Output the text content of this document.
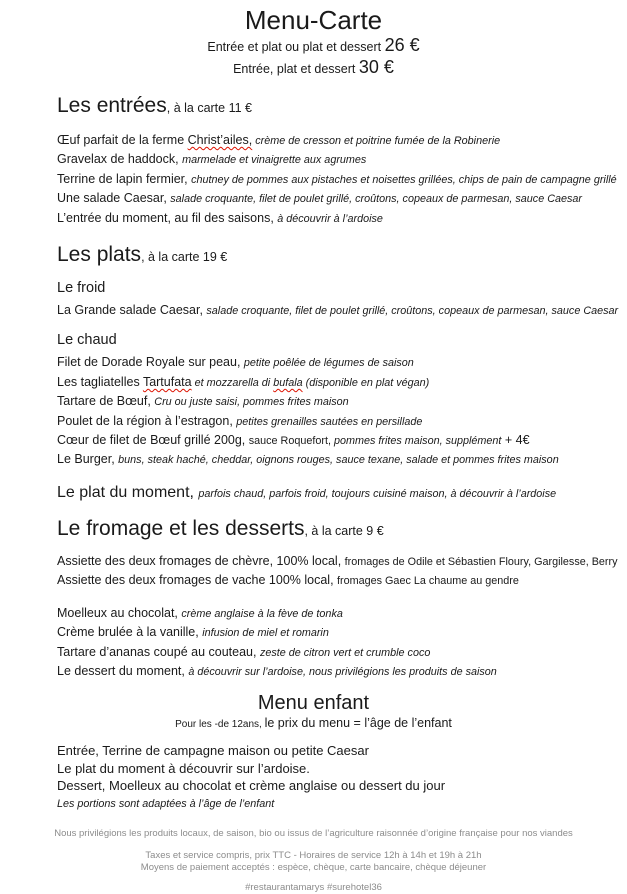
Menu-Carte
Entrée et plat ou plat et dessert 26 €
Entrée, plat et dessert 30 €
Les entrées, à la carte 11 €
Œuf parfait de la ferme Christ’ailes, crème de cresson et poitrine fumée de la Robinerie
Gravelax de haddock, marmelade et vinaigrette aux agrumes
Terrine de lapin fermier, chutney de pommes aux pistaches et noisettes grillées, chips de pain de campagne grillé
Une salade Caesar, salade croquante, filet de poulet grillé, croûtons, copeaux de parmesan, sauce Caesar
L’entrée du moment, au fil des saisons, à découvrir à l’ardoise
Les plats, à la carte 19 €
Le froid
La Grande salade Caesar, salade croquante, filet de poulet grillé, croûtons, copeaux de parmesan, sauce Caesar
Le chaud
Filet de Dorade Royale sur peau, petite poêlée de légumes de saison
Les tagliatelles Tartufata et mozzarella di bufala (disponible en plat végan)
Tartare de Bœuf, Cru ou juste saisi, pommes frites maison
Poulet de la région à l’estragon, petites grenailles sautées en persillade
Cœur de filet de Bœuf grillé 200g, sauce Roquefort, pommes frites maison, supplément + 4€
Le Burger, buns, steak haché, cheddar, oignons rouges, sauce texane, salade et pommes frites maison
Le plat du moment, parfois chaud, parfois froid, toujours cuisiné maison, à découvrir à l’ardoise
Le fromage et les desserts, à la carte 9 €
Assiette des deux fromages de chèvre, 100% local, fromages de Odile et Sébastien Floury, Gargilesse, Berry
Assiette des deux fromages de vache 100% local, fromages Gaec La chaume au gendre
Moelleux au chocolat, crème anglaise à la fève de tonka
Crème brulée à la vanille, infusion de miel et romarin
Tartare d’ananas coupé au couteau, zeste de citron vert et crumble coco
Le dessert du moment, à découvrir sur l’ardoise, nous privilégions les produits de saison
Menu enfant
Pour les -de 12ans, le prix du menu = l’âge de l’enfant
Entrée, Terrine de campagne maison ou petite Caesar
Le plat du moment à découvrir sur l’ardoise.
Dessert, Moelleux au chocolat et crème anglaise ou dessert du jour
Les portions sont adaptées à l’âge de l’enfant
Nous privilégions les produits locaux, de saison, bio ou issus de l’agriculture raisonnée d’origine française pour nos viandes
Taxes et service compris, prix TTC - Horaires de service 12h à 14h et 19h à 21h
Moyens de paiement acceptés : espèce, chèque, carte bancaire, chèque déjeuner
#restaurantamarys #surehotel36
